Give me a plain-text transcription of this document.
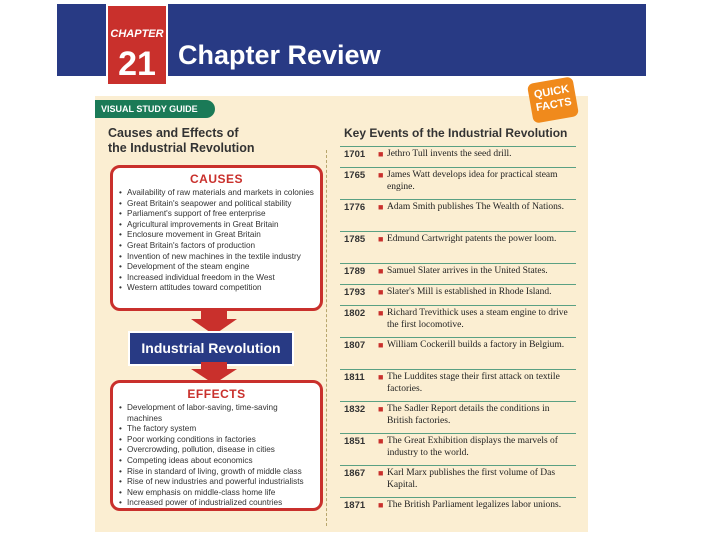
CHAPTER
21 Chapter Review
VISUAL STUDY GUIDE
QUICK
FACTS
Causes and Effects of
the Industrial Revolution
CAUSES
• Availability of raw materials and markets in colonies
• Great Britain's seapower and political stability
• Parliament's support of free enterprise
• Agricultural improvements in Great Britain
• Enclosure movement in Great Britain
• Great Britain's factors of production
• Invention of new machines in the textile industry
• Development of the steam engine
• Increased individual freedom in the West
• Western attitudes toward competition
Industrial Revolution
EFFECTS
• Development of labor-saving, time-saving machines
• The factory system
• Poor working conditions in factories
• Overcrowding, pollution, disease in cities
• Competing ideas about economics
• Rise in standard of living, growth of middle class
• Rise of new industries and powerful industrialists
• New emphasis on middle-class home life
• Increased power of industrialized countries
Key Events of the Industrial Revolution
1701	■ Jethro Tull invents the seed drill.
1765	■ James Watt develops idea for practical steam engine.
1776	■ Adam Smith publishes The Wealth of Nations.
1785	■ Edmund Cartwright patents the power loom.
1789	■ Samuel Slater arrives in the United States.
1793	■ Slater's Mill is established in Rhode Island.
1802	■ Richard Trevithick uses a steam engine to drive the first locomotive.
1807	■ William Cockerill builds a factory in Belgium.
1811	■ The Luddites stage their first attack on textile factories.
1832	■ The Sadler Report details the conditions in British factories.
1851	■ The Great Exhibition displays the marvels of industry to the world.
1867	■ Karl Marx publishes the first volume of Das Kapital.
1871	■ The British Parliament legalizes labor unions.
